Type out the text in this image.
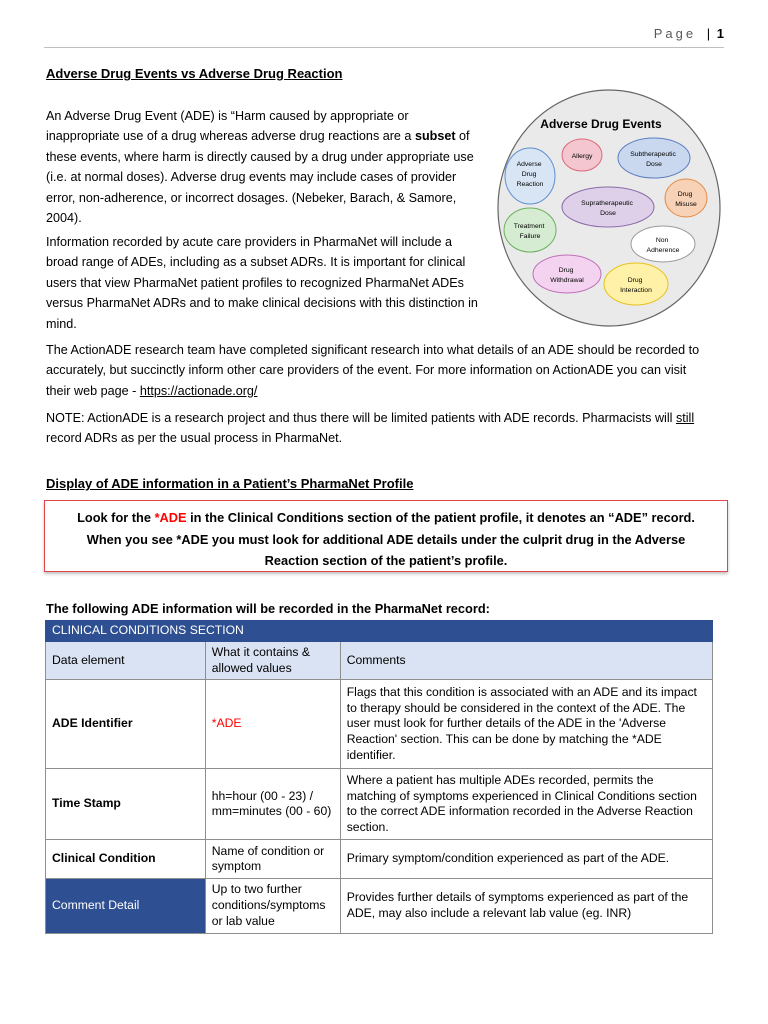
Page | 1
Adverse Drug Events vs Adverse Drug Reaction
An Adverse Drug Event (ADE) is “Harm caused by appropriate or
inappropriate use of a drug whereas adverse drug reactions are a subset of
these events, where harm is directly caused by a drug under appropriate use
(i.e. at normal doses). Adverse drug events may include cases of provider
error, non-adherence, or incorrect dosages. (Nebeker, Barach, & Samore,
2004).
Information recorded by acute care providers in PharmaNet will include a
broad range of ADEs, including as a subset ADRs. It is important for clinical
users that view PharmaNet patient profiles to recognized PharmaNet ADEs
versus PharmaNet ADRs and to make clinical decisions with this distinction in
mind.
The ActionADE research team have completed significant research into what details of an ADE should be recorded to
accurately, but succinctly inform other care providers of the event. For more information on ActionADE you can visit
their web page - https://actionade.org/
NOTE: ActionADE is a research project and thus there will be limited patients with ADE records. Pharmacists will still
record ADRs as per the usual process in PharmaNet.
Adverse Drug Events
Adverse Drug Reaction
Allergy	Subtherapeutic Dose
Drug Misuse
Supratherapeutic Dose
Treatment Failure
Non Adherence
Drug Withdrawal	Drug Interaction
Display of ADE information in a Patient’s PharmaNet Profile
Look for the *ADE in the Clinical Conditions section of the patient profile, it denotes an “ADE” record.
When you see *ADE you must look for additional ADE details under the culprit drug in the Adverse
Reaction section of the patient’s profile.
The following ADE information will be recorded in the PharmaNet record:
CLINICAL CONDITIONS SECTION		
Data element	What it contains & allowed values	Comments
ADE Identifier	*ADE	Flags that this condition is associated with an ADE and its impact to therapy should be considered in the context of the ADE. The user must look for further details of the ADE in the 'Adverse Reaction' section. This can be done by matching the *ADE identifier.
Time Stamp	hh=hour (00 - 23) / mm=minutes (00 - 60)	Where a patient has multiple ADEs recorded, permits the matching of symptoms experienced in Clinical Conditions section to the correct ADE information recorded in the Adverse Reaction section.
Clinical Condition	Name of condition or symptom	Primary symptom/condition experienced as part of the ADE.
Comment Detail	Up to two further conditions/symptoms or lab value	Provides further details of symptoms experienced as part of the ADE, may also include a relevant lab value (eg. INR)
